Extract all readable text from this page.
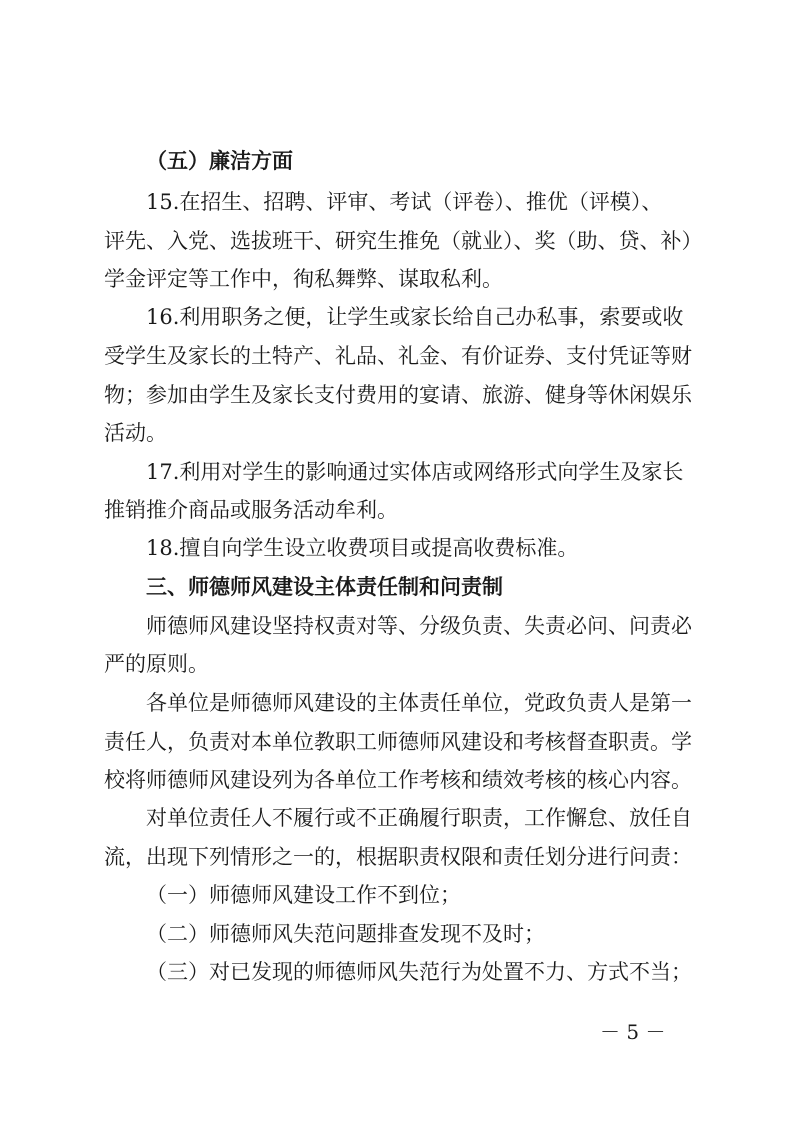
（五）廉洁方面
15.在招生、招聘、评审、考试（评卷）、推优（评模）、
评先、入党、选拔班干、研究生推免（就业）、奖（助、贷、补）
学金评定等工作中，徇私舞弊、谋取私利。
16.利用职务之便，让学生或家长给自己办私事，索要或收
受学生及家长的土特产、礼品、礼金、有价证券、支付凭证等财
物；参加由学生及家长支付费用的宴请、旅游、健身等休闲娱乐
活动。
17.利用对学生的影响通过实体店或网络形式向学生及家长
推销推介商品或服务活动牟利。
18.擅自向学生设立收费项目或提高收费标准。
三、师德师风建设主体责任制和问责制
师德师风建设坚持权责对等、分级负责、失责必问、问责必
严的原则。
各单位是师德师风建设的主体责任单位，党政负责人是第一
责任人，负责对本单位教职工师德师风建设和考核督查职责。学
校将师德师风建设列为各单位工作考核和绩效考核的核心内容。
对单位责任人不履行或不正确履行职责，工作懈怠、放任自
流，出现下列情形之一的，根据职责权限和责任划分进行问责：
（一）师德师风建设工作不到位；
（二）师德师风失范问题排查发现不及时；
（三）对已发现的师德师风失范行为处置不力、方式不当；
－ 5 －
